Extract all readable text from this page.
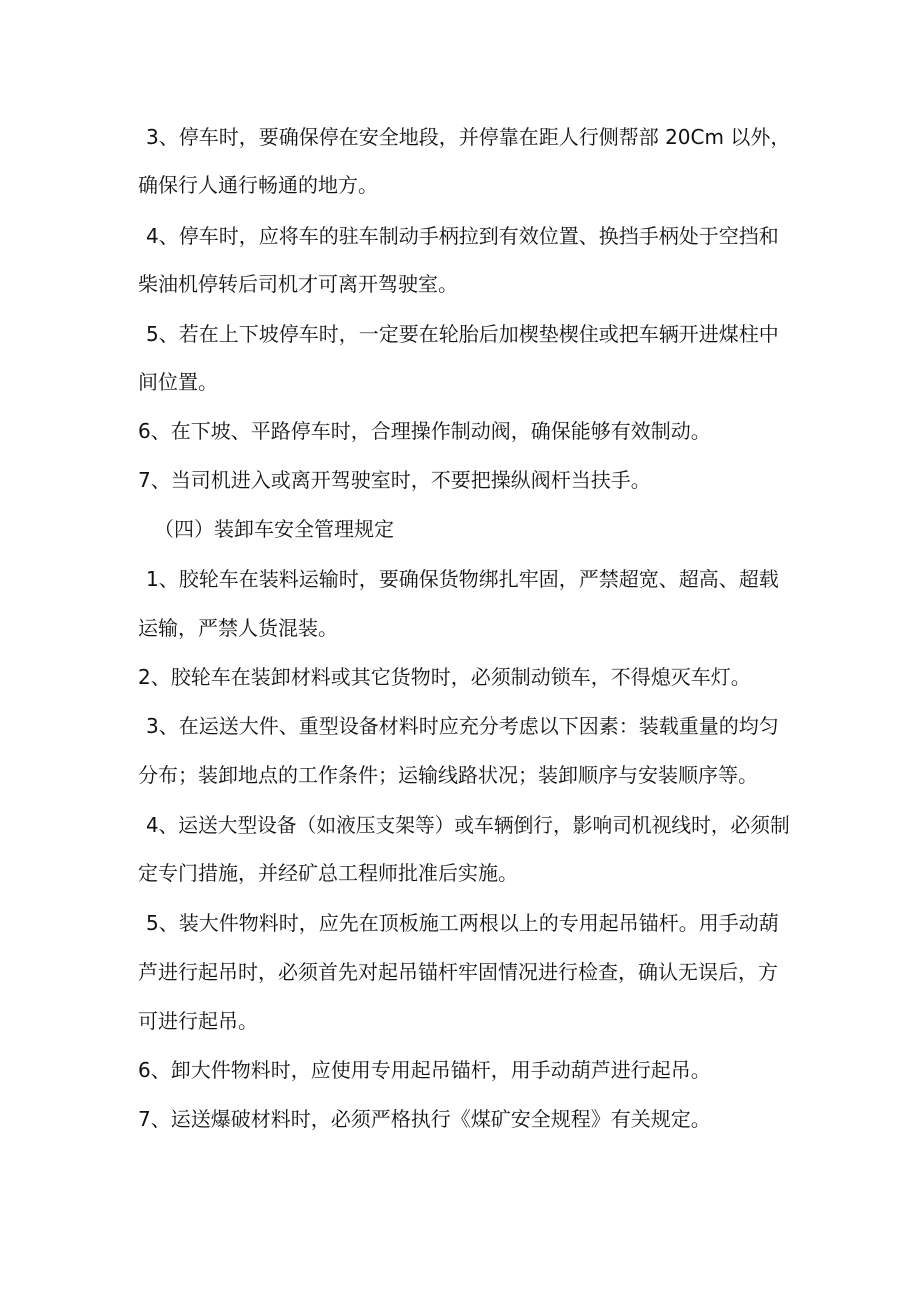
3、停车时，要确保停在安全地段，并停靠在距人行侧帮部 20Cm 以外，
确保行人通行畅通的地方。
4、停车时，应将车的驻车制动手柄拉到有效位置、换挡手柄处于空挡和
柴油机停转后司机才可离开驾驶室。
5、若在上下坡停车时，一定要在轮胎后加楔垫楔住或把车辆开进煤柱中
间位置。
6、在下坡、平路停车时，合理操作制动阀，确保能够有效制动。
7、当司机进入或离开驾驶室时，不要把操纵阀杆当扶手。
（四）装卸车安全管理规定
1、胶轮车在装料运输时，要确保货物绑扎牢固，严禁超宽、超高、超载
运输，严禁人货混装。
2、胶轮车在装卸材料或其它货物时，必须制动锁车，不得熄灭车灯。
3、在运送大件、重型设备材料时应充分考虑以下因素：装载重量的均匀
分布；装卸地点的工作条件；运输线路状况；装卸顺序与安装顺序等。
4、运送大型设备（如液压支架等）或车辆倒行，影响司机视线时，必须制
定专门措施，并经矿总工程师批准后实施。
5、装大件物料时，应先在顶板施工两根以上的专用起吊锚杆。用手动葫
芦进行起吊时，必须首先对起吊锚杆牢固情况进行检查，确认无误后，方
可进行起吊。
6、卸大件物料时，应使用专用起吊锚杆，用手动葫芦进行起吊。
7、运送爆破材料时，必须严格执行《煤矿安全规程》有关规定。
